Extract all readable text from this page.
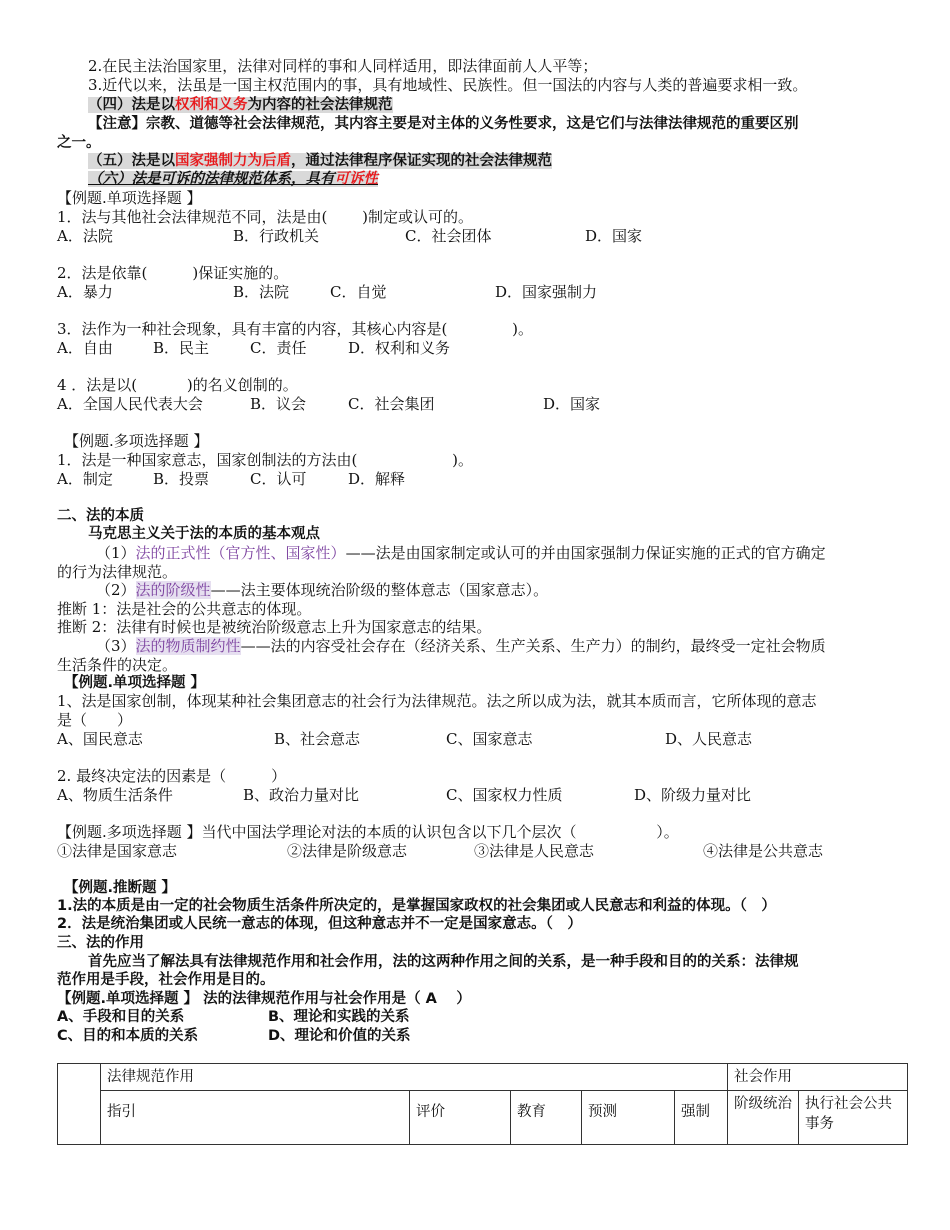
2.在民主法治国家里，法律对同样的事和人同样适用，即法律面前人人平等；
3.近代以来，法虽是一国主权范围内的事，具有地域性、民族性。但一国法的内容与人类的普遍要求相一致。
（四）法是以权利和义务为内容的社会法律规范
【注意】宗教、道德等社会法律规范，其内容主要是对主体的义务性要求，这是它们与法律法律规范的重要区别
之一。
（五）法是以国家强制力为后盾，通过法律程序保证实现的社会法律规范
（六）法是可诉的法律规范体系，具有可诉性
【例题.单项选择题 】
1．法与其他社会法律规范不同，法是由(　　 )制定或认可的。
A．法院	B．行政机关	C．社会团体	D．国家
2．法是依靠(　　　)保证实施的。
A．暴力	B．法院	C．自觉	D．国家强制力
3．法作为一种社会现象，具有丰富的内容，其核心内容是(　　　　 )。
A．自由	B．民主	C．责任	D．权利和义务
4 ．法是以(　　　 )的名义创制的。
A．全国人民代表大会	B．议会	C．社会集团	D．国家
【例题.多项选择题 】
1．法是一种国家意志，国家创制法的方法由(　　　　　　 )。
A．制定	B．投票	C．认可	D．解释
二、法的本质
马克思主义关于法的本质的基本观点
（1）法的正式性（官方性、国家性）——法是由国家制定或认可的并由国家强制力保证实施的正式的官方确定
的行为法律规范。
（2）法的阶级性——法主要体现统治阶级的整体意志（国家意志）。
推断 1：法是社会的公共意志的体现。
推断 2：法律有时候也是被统治阶级意志上升为国家意志的结果。
（3）法的物质制约性——法的内容受社会存在（经济关系、生产关系、生产力）的制约，最终受一定社会物质
生活条件的决定。
【例题.单项选择题 】
1、法是国家创制，体现某种社会集团意志的社会行为法律规范。法之所以成为法，就其本质而言，它所体现的意志
是（　　）
A、国民意志	B、社会意志	C、国家意志	D、人民意志
2. 最终决定法的因素是（　　　）
A、物质生活条件	B、政治力量对比	C、国家权力性质	D、阶级力量对比
【例题.多项选择题 】当代中国法学理论对法的本质的认识包含以下几个层次（　　　　　 ）。
①法律是国家意志	②法律是阶级意志	③法律是人民意志	④法律是公共意志
【例题.推断题 】
1.法的本质是由一定的社会物质生活条件所决定的，是掌握国家政权的社会集团或人民意志和利益的体现。（　）
2．法是统治集团或人民统一意志的体现，但这种意志并不一定是国家意志。（　）
三、法的作用
首先应当了解法具有法律规范作用和社会作用，法的这两种作用之间的关系，是一种手段和目的的关系：法律规
范作用是手段，社会作用是目的。
【例题.单项选择题 】 法的法律规范作用与社会作用是（ A　 ）
A、手段和目的关系	B、理论和实践的关系
C、目的和本质的关系	D、理论和价值的关系
	法律规范作用					社会作用	

	指引	评价	教育	预测	强制	阶级统治	执行社会公共事务
